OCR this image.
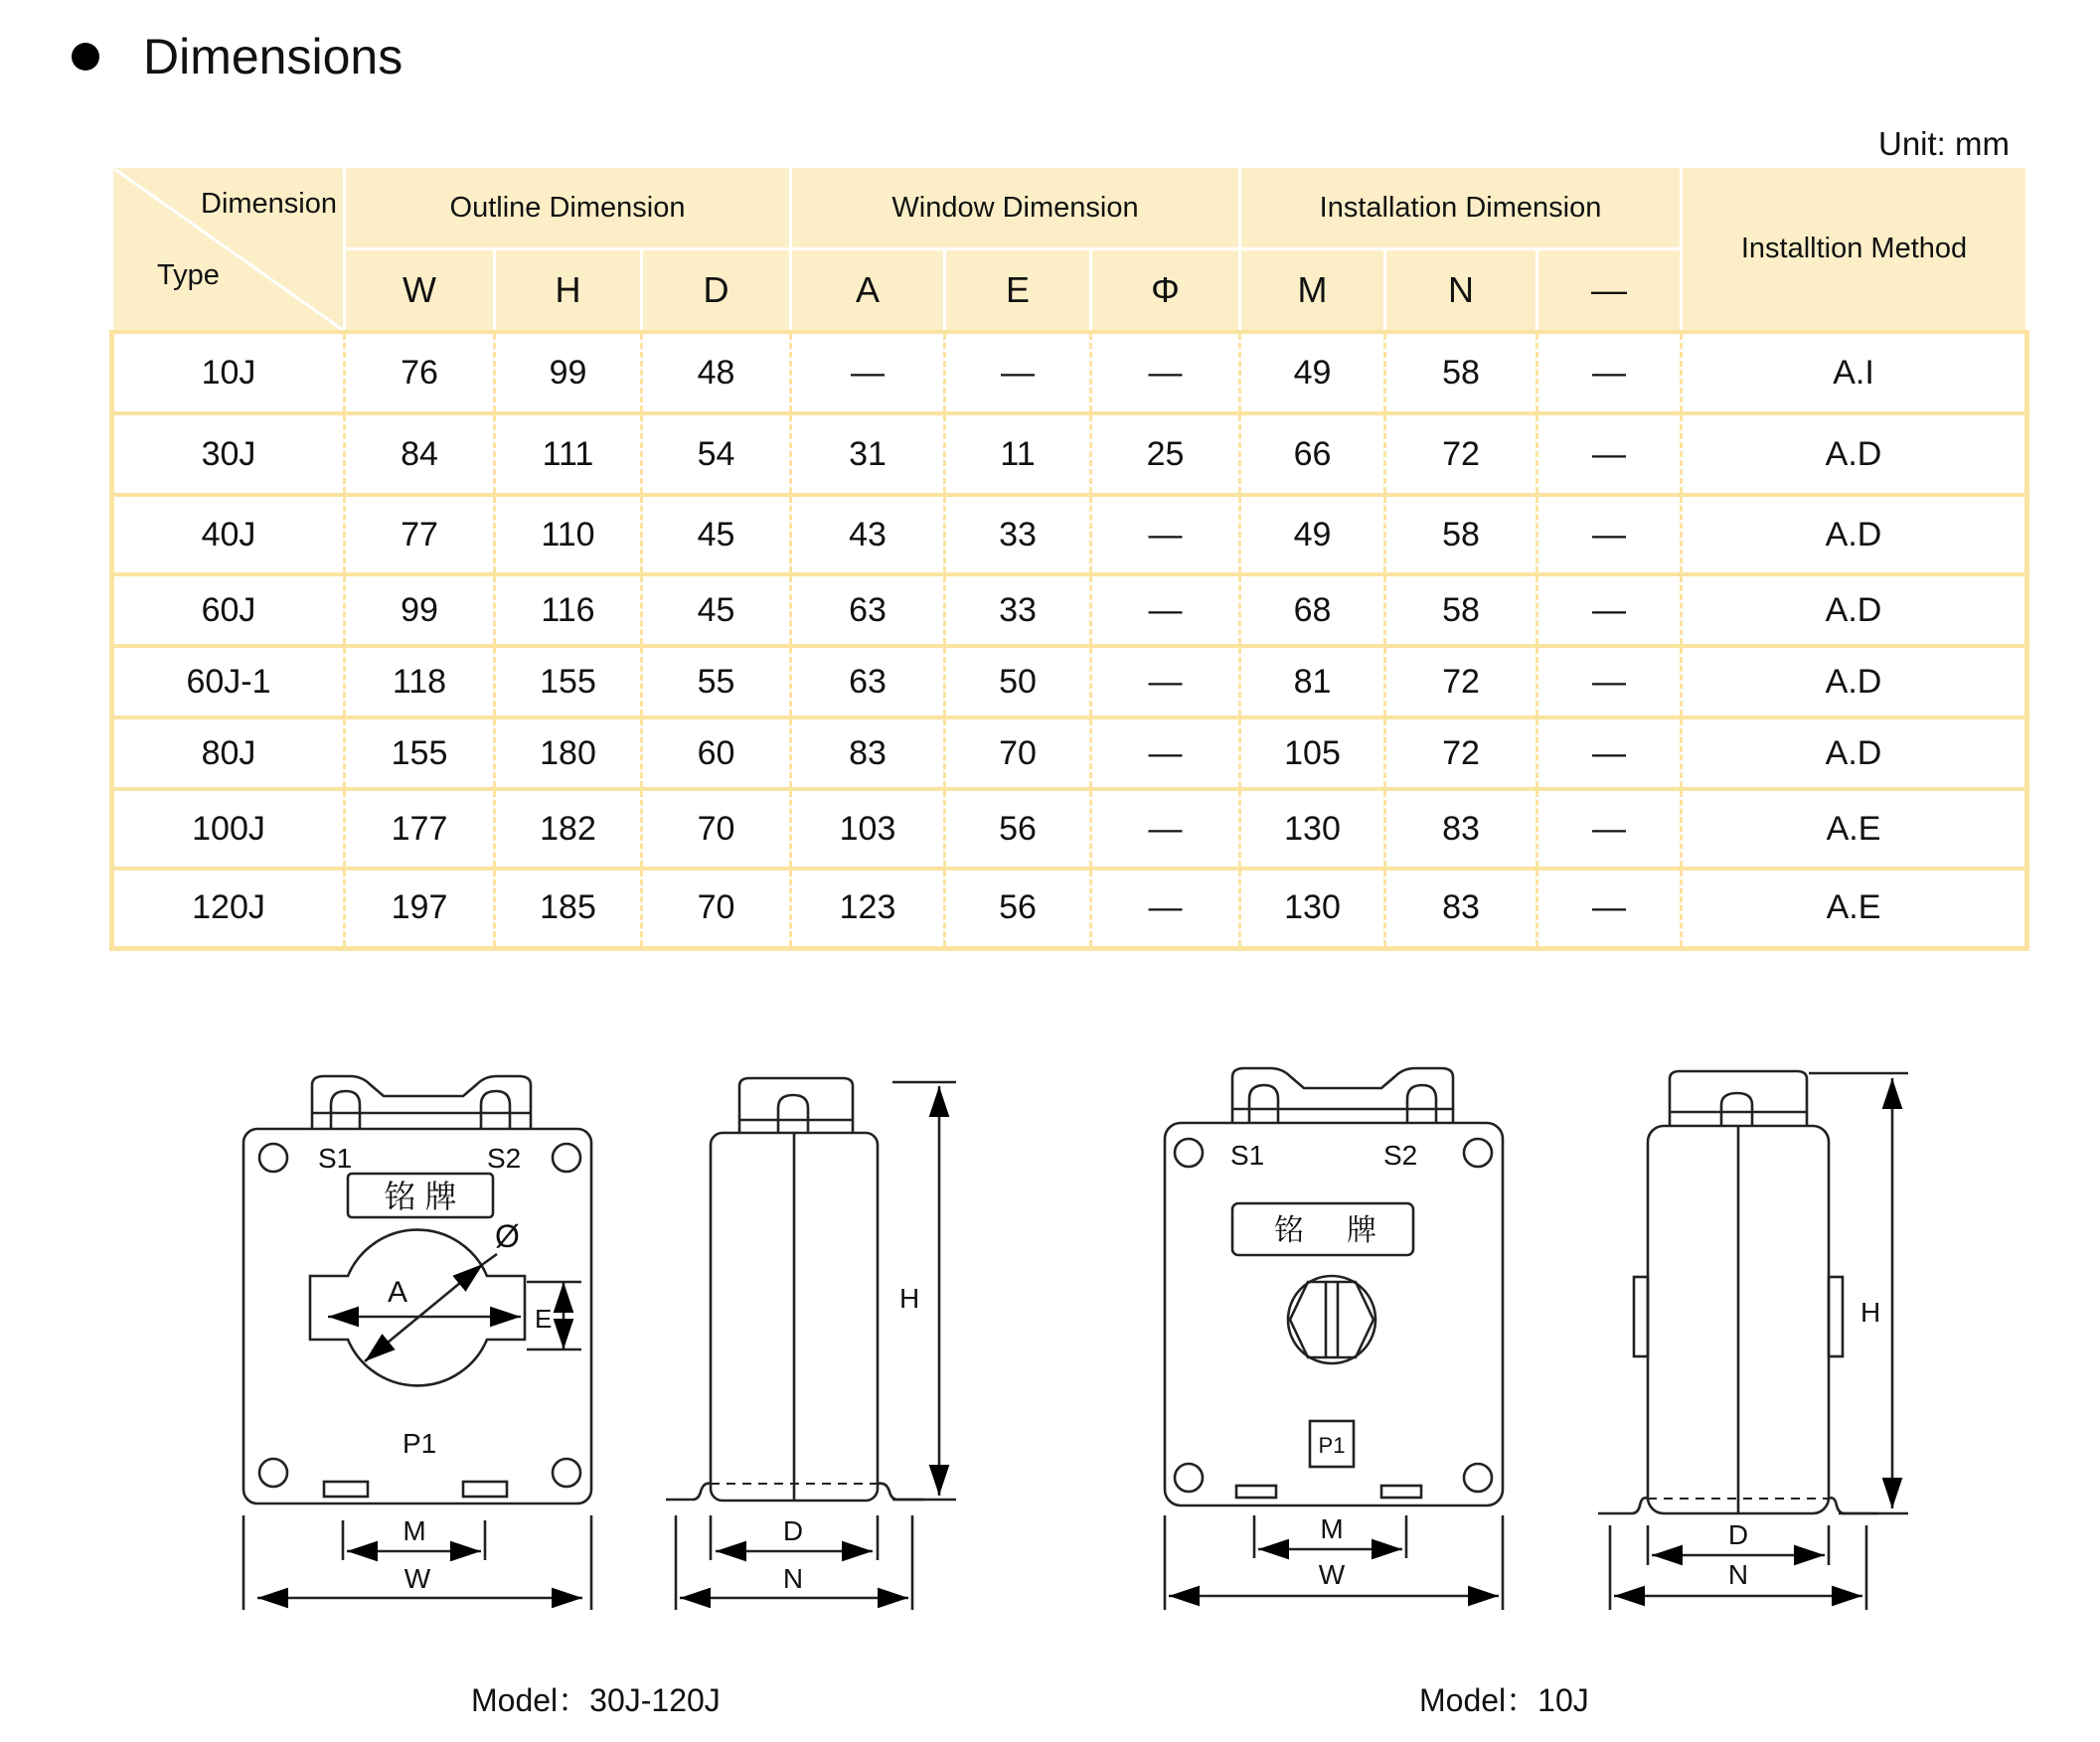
Dimensions
Unit: mm
Dimension
Type	Outline Dimension			Window Dimension			Installation Dimension			Installtion Method
	W	H	D	A	E	Φ	M	N	—	
10J	76	99	48	—	—	—	49	58	—	A.I
30J	84	111	54	31	11	25	66	72	—	A.D
40J	77	110	45	43	33	—	49	58	—	A.D
60J	99	116	45	63	33	—	68	58	—	A.D
60J-1	118	155	55	63	50	—	81	72	—	A.D
80J	155	180	60	83	70	—	105	72	—	A.D
100J	177	182	70	103	56	—	130	83	—	A.E
120J	197	185	70	123	56	—	130	83	—	A.E
S1	S2
铭 牌
Ø
A
E
P1
M
W
H
D
N
S1	S2
铭 牌
P1
M
W
H
D
N
Model：30J-120J	Model：10J
